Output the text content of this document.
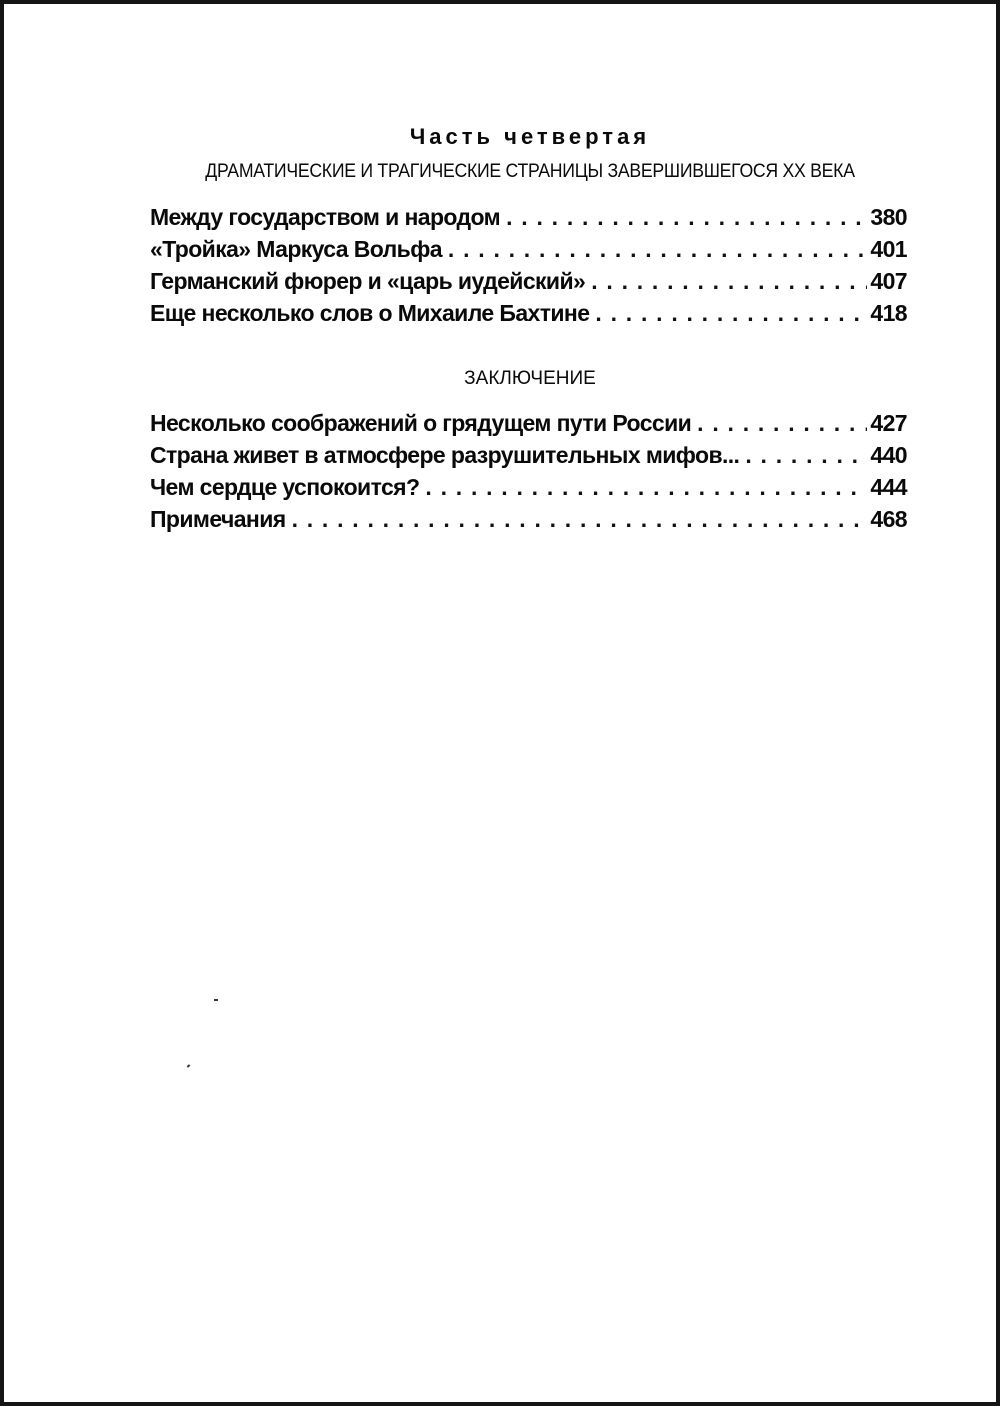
Часть четвертая
ДРАМАТИЧЕСКИЕ И ТРАГИЧЕСКИЕ СТРАНИЦЫ ЗАВЕРШИВШЕГОСЯ XX ВЕКА
Между государством и народом . . .	380
«Тройка» Маркуса Вольфа . . .	401
Германский фюрер и «царь иудейский» . . .	407
Еще несколько слов о Михаиле Бахтине . . .	418
ЗАКЛЮЧЕНИЕ
Несколько соображений о грядущем пути России . . .	427
Страна живет в атмосфере разрушительных мифов... . . .	440
Чем сердце успокоится? . . .	444
Примечания . . .	468
